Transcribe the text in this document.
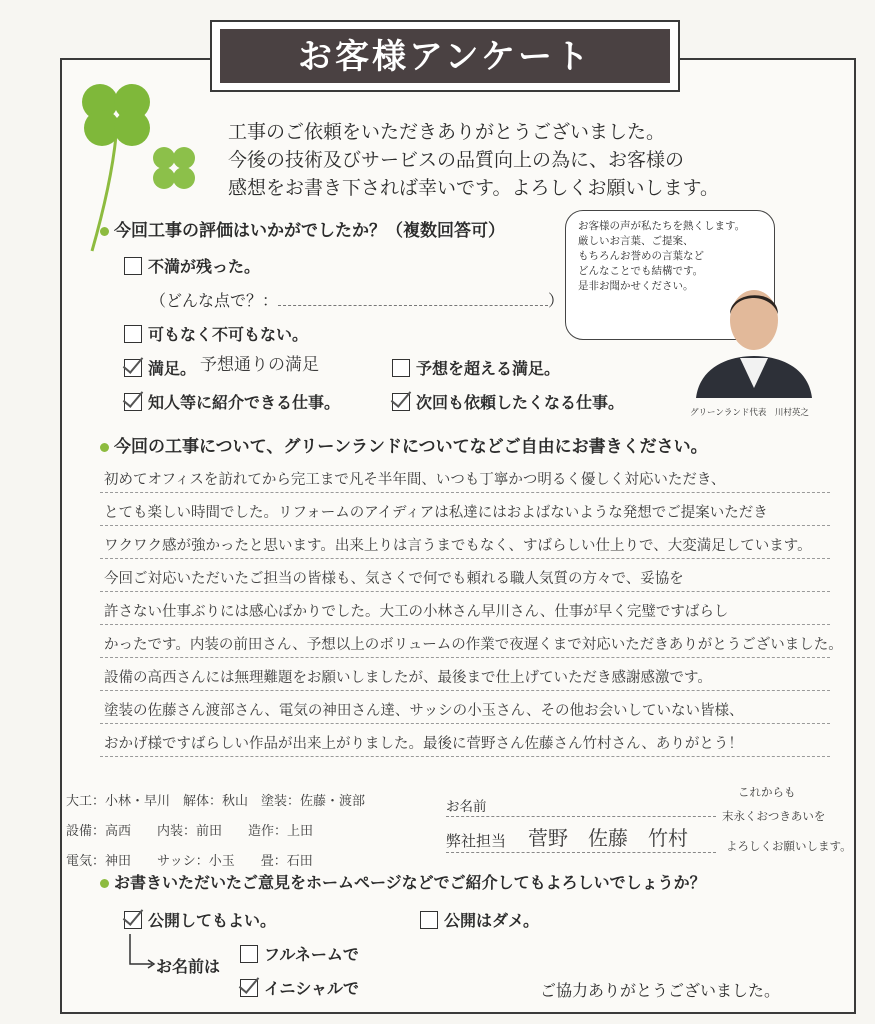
お客様アンケート
工事のご依頼をいただきありがとうございました。
今後の技術及びサービスの品質向上の為に、お客様の
感想をお書き下されば幸いです。よろしくお願いします。
今回工事の評価はいかがでしたか？（複数回答可）
不満が残った。
（どんな点で？：	）
可もなく不可もない。
満足。 予想通りの満足	予想を超える満足。
知人等に紹介できる仕事。	次回も依頼したくなる仕事。
お客様の声が私たちを熱くします。
厳しいお言葉、ご提案、
もちろんお誉めの言葉など
どんなことでも結構です。
是非お聞かせください。
グリーンランド代表　川村英之
今回の工事について、グリーンランドについてなどご自由にお書きください。
初めてオフィスを訪れてから完工まで凡そ半年間、いつも丁寧かつ明るく優しく対応いただき、
とても楽しい時間でした。リフォームのアイディアは私達にはおよばないような発想でご提案いただき
ワクワク感が強かったと思います。出来上りは言うまでもなく、すばらしい仕上りで、大変満足しています。
今回ご対応いただいたご担当の皆様も、気さくで何でも頼れる職人気質の方々で、妥協を
許さない仕事ぶりには感心ばかりでした。大工の小林さん早川さん、仕事が早く完璧ですばらし
かったです。内装の前田さん、予想以上のボリュームの作業で夜遅くまで対応いただきありがとうございました。
設備の高西さんには無理難題をお願いしましたが、最後まで仕上げていただき感謝感激です。
塗装の佐藤さん渡部さん、電気の神田さん達、サッシの小玉さん、その他お会いしていない皆様、
おかげ様ですばらしい作品が出来上がりました。最後に菅野さん佐藤さん竹村さん、ありがとう！
大工：小林・早川　解体：秋山　塗装：佐藤・渡部
設備：高西　　内装：前田　　造作：上田
電気：神田　　サッシ：小玉　　畳：石田
お名前
弊社担当 菅野　佐藤　竹村
これからも
末永くおつきあいを
よろしくお願いします。
お書きいただいたご意見をホームページなどでご紹介してもよろしいでしょうか？
公開してもよい。	公開はダメ。
お名前は
フルネームで
イニシャルで	ご協力ありがとうございました。
